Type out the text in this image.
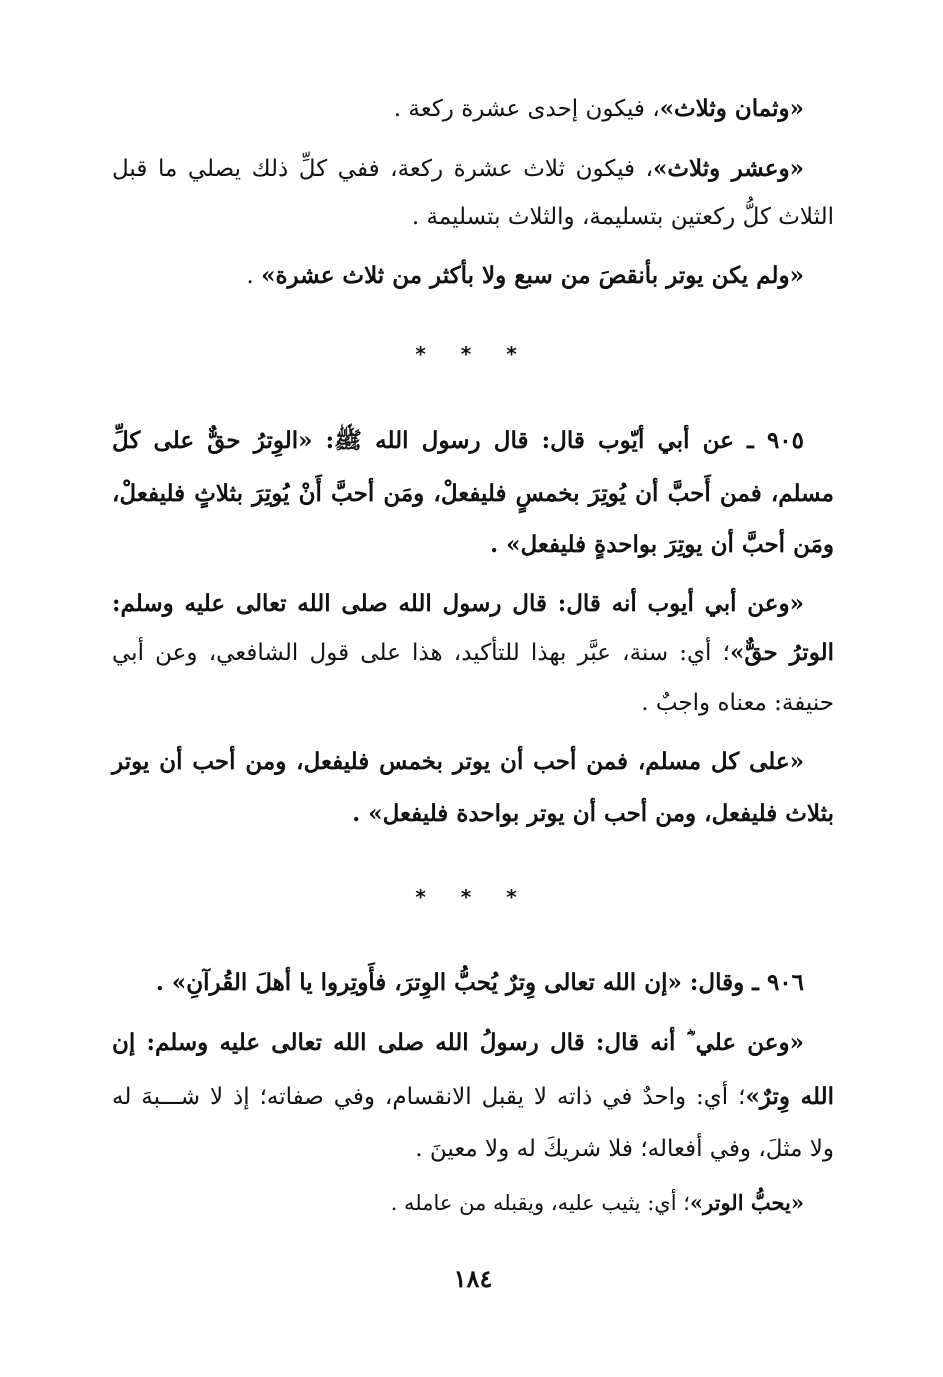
«وثمان وثلاث»، فيكون إحدى عشرة ركعة .
«وعشر وثلاث»، فيكون ثلاث عشرة ركعة، ففي كلِّ ذلك يصلي ما قبل
الثلاث كلُّ ركعتين بتسليمة، والثلاث بتسليمة .
«ولم يكن يوتر بأنقصَ من سبع ولا بأكثر من ثلاث عشرة» .
* * *
٩٠٥ ـ عن أبي أيّوب قال: قال رسول الله ﷺ: «الوِترُ حقٌّ على كلِّ
مسلم، فمن أَحبَّ أن يُوتِرَ بخمسٍ فليفعلْ، ومَن أحبَّ أَنْ يُوتِرَ بثلاثٍ فليفعلْ،
ومَن أحبَّ أن يوتِرَ بواحدةٍ فليفعل» .
«وعن أبي أيوب أنه قال: قال رسول الله صلى الله تعالى عليه وسلم:
الوترُ حقٌّ»؛ أي: سنة، عبَّر بهذا للتأكيد، هذا على قول الشافعي، وعن أبي
حنيفة: معناه واجبٌ .
«على كل مسلم، فمن أحب أن يوتر بخمس فليفعل، ومن أحب أن يوتر
بثلاث فليفعل، ومن أحب أن يوتر بواحدة فليفعل» .
* * *
٩٠٦ ـ وقال: «إن الله تعالى وِترٌ يُحبُّ الوِترَ، فأَوتِروا يا أهلَ القُرآنِ» .
«وعن علي ؓ أنه قال: قال رسولُ الله صلى الله تعالى عليه وسلم: إن
الله وِترٌ»؛ أي: واحدٌ في ذاته لا يقبل الانقسام، وفي صفاته؛ إذ لا شـــبهَ له
ولا مثلَ، وفي أفعاله؛ فلا شريكَ له ولا معينَ .
«يحبُّ الوتر»؛ أي: يثيب عليه، ويقبله من عامله .
١٨٤
